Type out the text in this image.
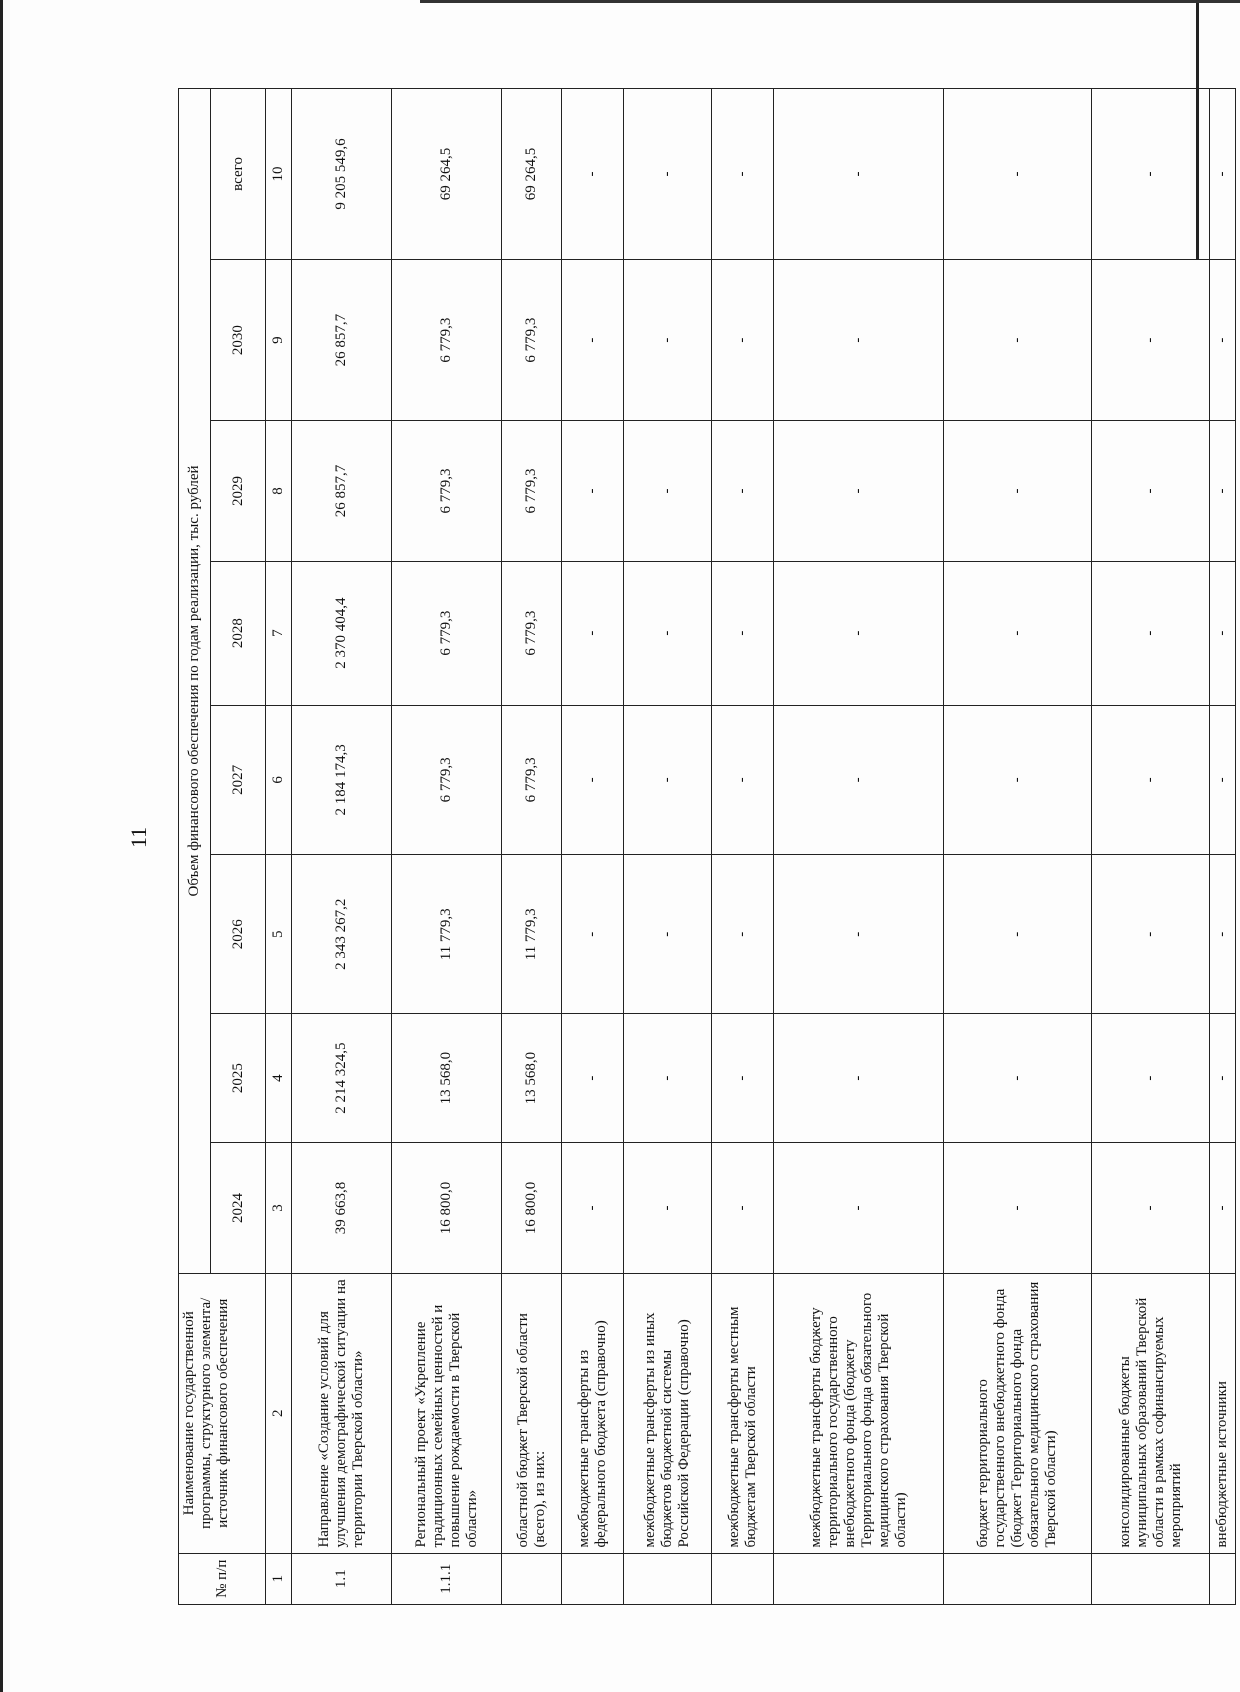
11
№ п/п	Наименование государственной программы, структурного элемента/источник финансового обеспечения	Объем финансового обеспечения по годам реализации, тыс. рублей							
		2024	2025	2026	2027	2028	2029	2030	всего
1	2	3	4	5	6	7	8	9	10
1.1	Направление «Создание условий для улучшения демографической ситуации на территории Тверской области»	39 663,8	2 214 324,5	2 343 267,2	2 184 174,3	2 370 404,4	26 857,7	26 857,7	9 205 549,6
1.1.1	Региональный проект «Укрепление традиционных семейных ценностей и повышение рождаемости в Тверской области»	16 800,0	13 568,0	11 779,3	6 779,3	6 779,3	6 779,3	6 779,3	69 264,5
	областной бюджет Тверской области (всего), из них:	16 800,0	13 568,0	11 779,3	6 779,3	6 779,3	6 779,3	6 779,3	69 264,5
	межбюджетные трансферты из федерального бюджета (справочно)	-	-	-	-	-	-	-	-
	межбюджетные трансферты из иных бюджетов бюджетной системы Российской Федерации (справочно)	-	-	-	-	-	-	-	-
	межбюджетные трансферты местным бюджетам Тверской области	-	-	-	-	-	-	-	-
	межбюджетные трансферты бюджету территориального государственного внебюджетного фонда (бюджету Территориального фонда обязательного медицинского страхования Тверской области)	-	-	-	-	-	-	-	-
	бюджет территориального государственного внебюджетного фонда (бюджет Территориального фонда обязательного медицинского страхования Тверской области)	-	-	-	-	-	-	-	-
	консолидированные бюджеты муниципальных образований Тверской области в рамках софинансируемых мероприятий	-	-	-	-	-	-	-	-
	внебюджетные источники	-	-	-	-	-	-	-	-
